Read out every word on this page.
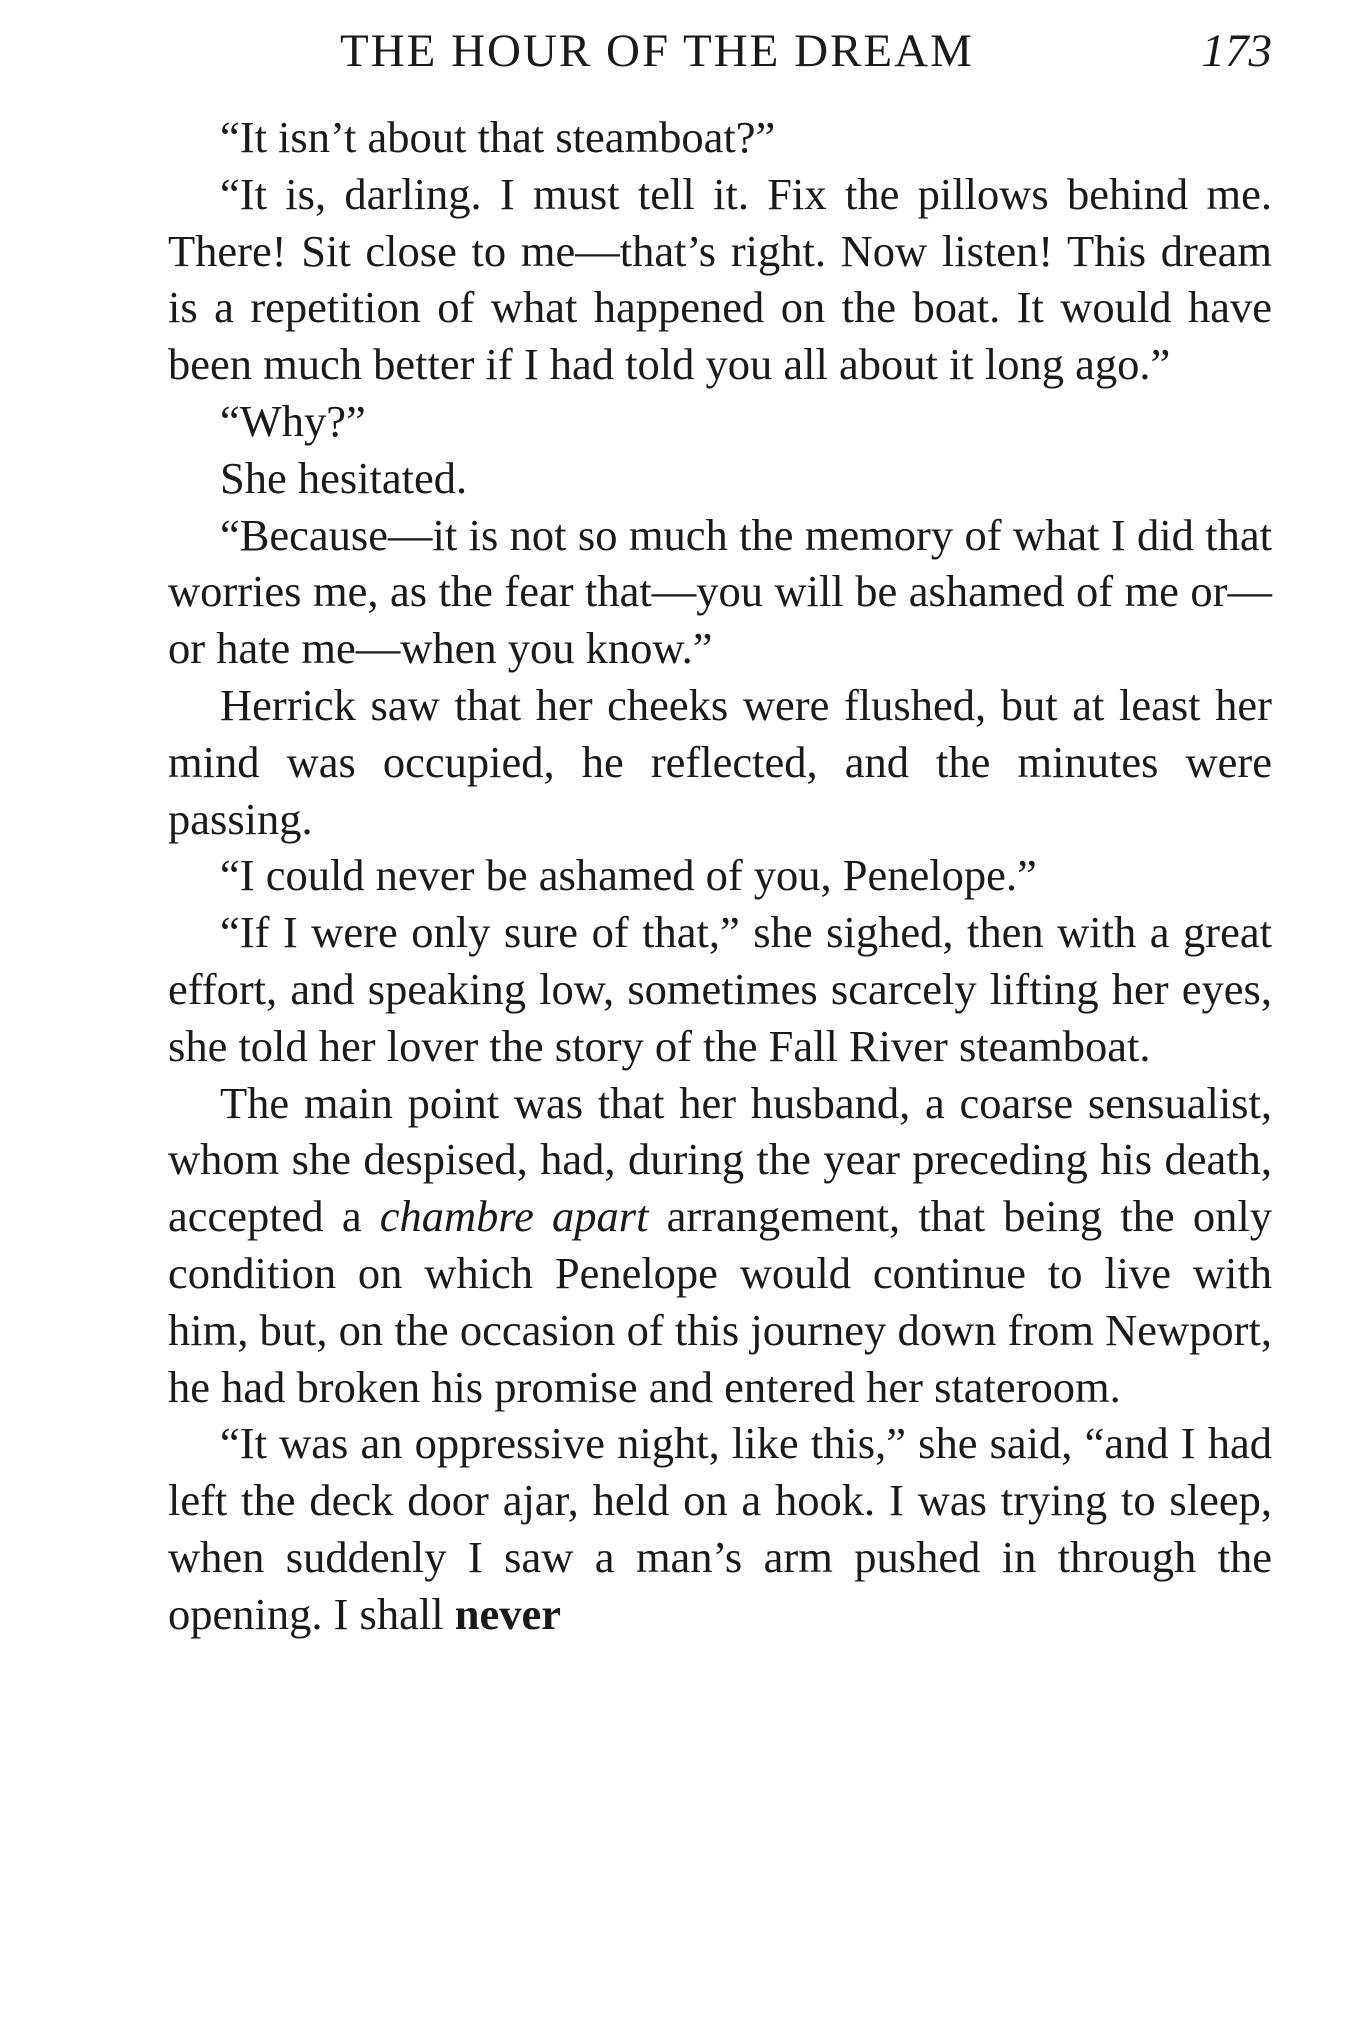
THE HOUR OF THE DREAM	173

“It isn’t about that steamboat?”

“It is, darling. I must tell it. Fix the pillows behind me. There! Sit close to me—that’s right. Now listen! This dream is a repetition of what happened on the boat. It would have been much better if I had told you all about it long ago.”

“Why?”

She hesitated.

“Because—it is not so much the memory of what I did that worries me, as the fear that—you will be ashamed of me or—or hate me—when you know.”

Herrick saw that her cheeks were flushed, but at least her mind was occupied, he reflected, and the minutes were passing.

“I could never be ashamed of you, Penelope.”

“If I were only sure of that,” she sighed, then with a great effort, and speaking low, sometimes scarcely lifting her eyes, she told her lover the story of the Fall River steamboat.

The main point was that her husband, a coarse sensualist, whom she despised, had, during the year preceding his death, accepted a chambre apart arrangement, that being the only condition on which Penelope would continue to live with him, but, on the occasion of this journey down from Newport, he had broken his promise and entered her stateroom.

“It was an oppressive night, like this,” she said, “and I had left the deck door ajar, held on a hook. I was trying to sleep, when suddenly I saw a man’s arm pushed in through the opening. I shall never
